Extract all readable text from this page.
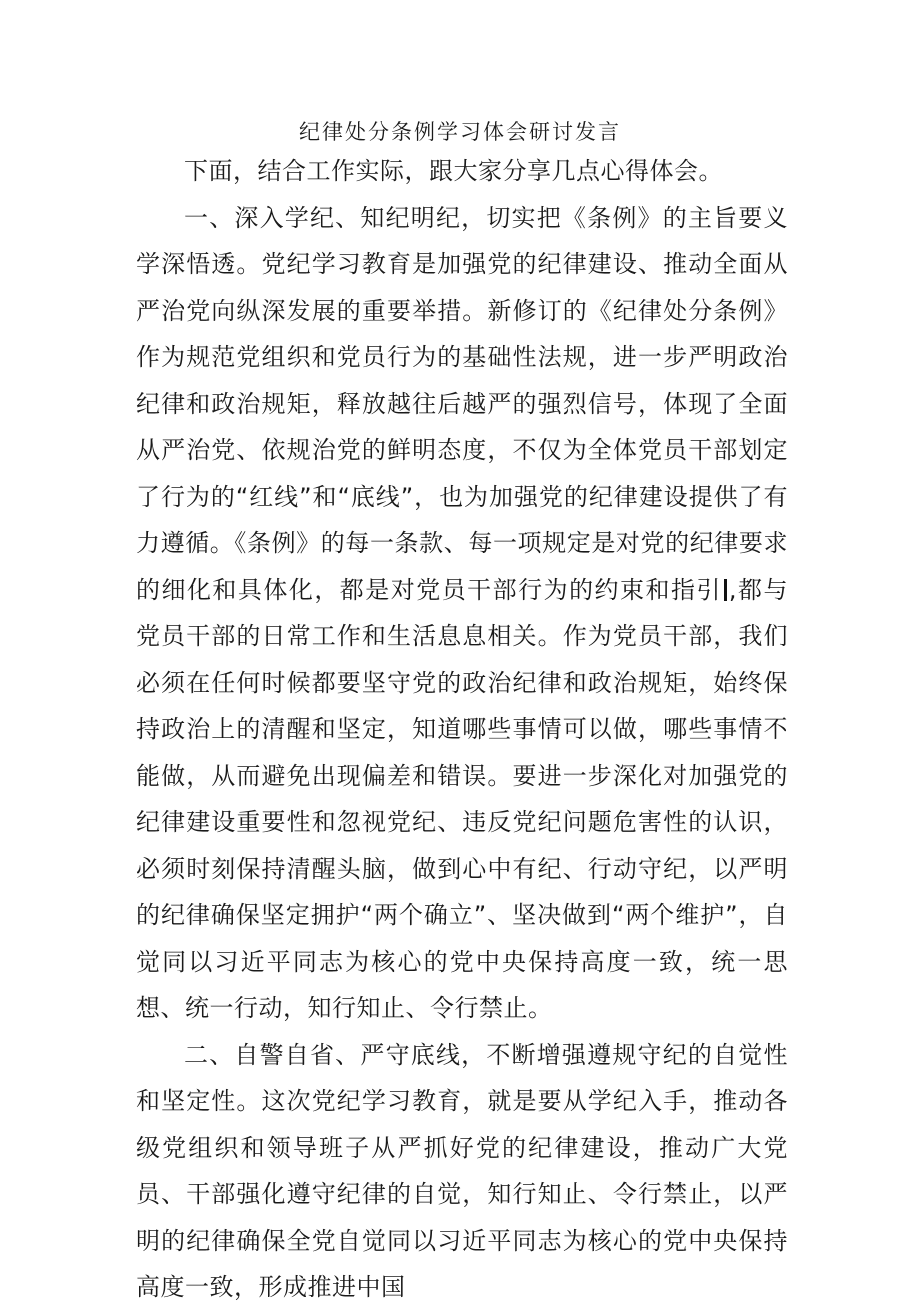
纪律处分条例学习体会研讨发言

下面，结合工作实际，跟大家分享几点心得体会。

一、深入学纪、知纪明纪，切实把《条例》的主旨要义学深悟透。党纪学习教育是加强党的纪律建设、推动全面从严治党向纵深发展的重要举措。新修订的《纪律处分条例》作为规范党组织和党员行为的基础性法规，进一步严明政治纪律和政治规矩，释放越往后越严的强烈信号，体现了全面从严治党、依规治党的鲜明态度，不仅为全体党员干部划定了行为的“红线”和“底线”，也为加强党的纪律建设提供了有力遵循。《条例》的每一条款、每一项规定是对党的纪律要求的细化和具体化，都是对党员干部行为的约束和指引 ,都与党员干部的日常工作和生活息息相关。作为党员干部，我们必须在任何时候都要坚守党的政治纪律和政治规矩，始终保持政治上的清醒和坚定，知道哪些事情可以做，哪些事情不能做，从而避免出现偏差和错误。要进一步深化对加强党的纪律建设重要性和忽视党纪、违反党纪问题危害性的认识，必须时刻保持清醒头脑，做到心中有纪、行动守纪，以严明的纪律确保坚定拥护“两个确立”、坚决做到“两个维护”，自觉同以习近平同志为核心的党中央保持高度一致，统一思想、统一行动，知行知止、令行禁止。

二、自警自省、严守底线，不断增强遵规守纪的自觉性和坚定性。这次党纪学习教育，就是要从学纪入手，推动各级党组织和领导班子从严抓好党的纪律建设，推动广大党员、干部强化遵守纪律的自觉，知行知止、令行禁止，以严明的纪律确保全党自觉同以习近平同志为核心的党中央保持高度一致，形成推进中国
